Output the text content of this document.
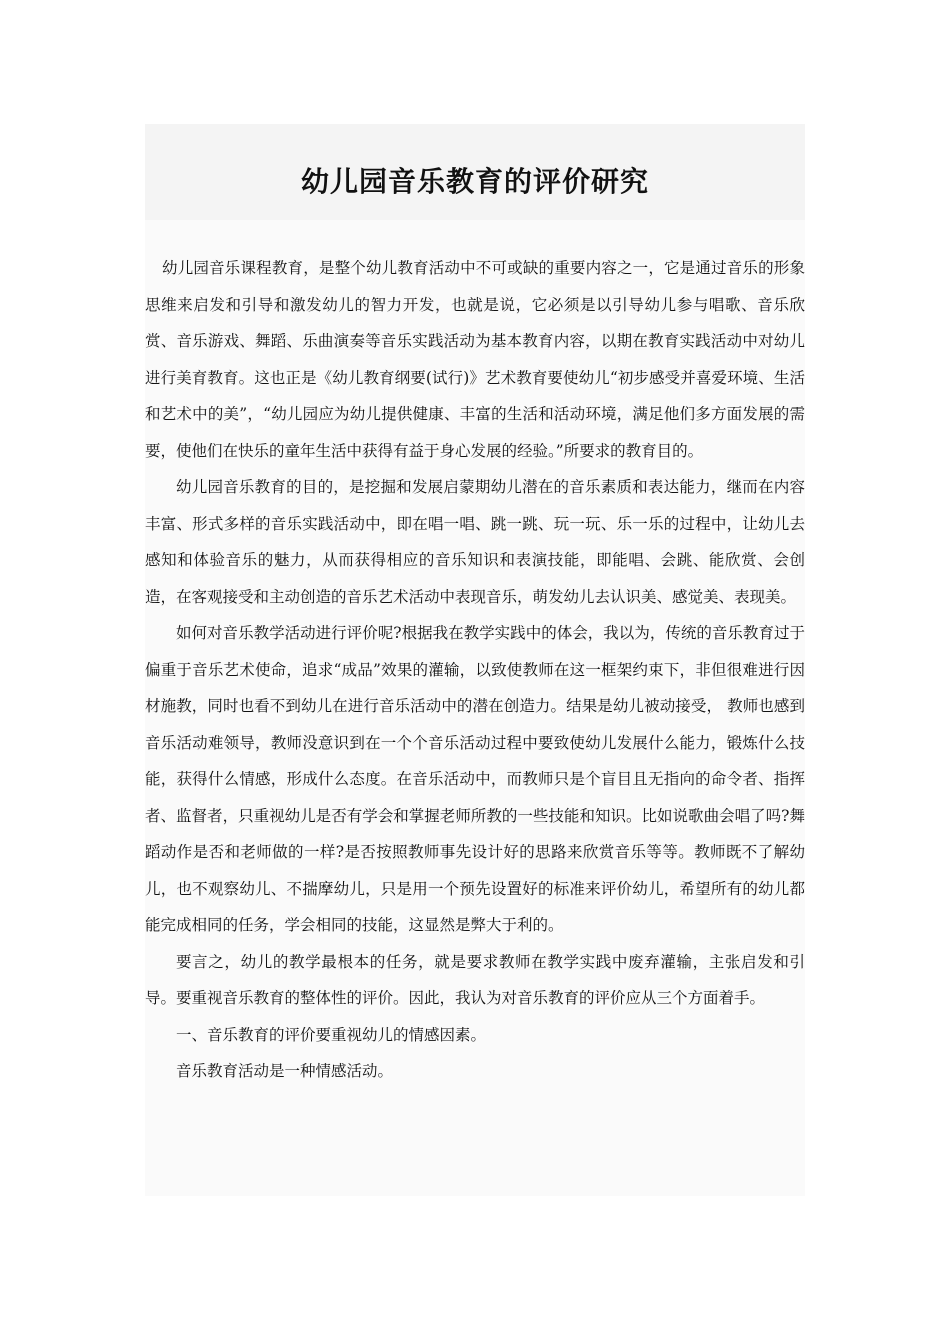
幼儿园音乐教育的评价研究

幼儿园音乐课程教育，是整个幼儿教育活动中不可或缺的重要内容之一，它是通过音乐的形象思维来启发和引导和激发幼儿的智力开发，也就是说，它必须是以引导幼儿参与唱歌、音乐欣赏、音乐游戏、舞蹈、乐曲演奏等音乐实践活动为基本教育内容，以期在教育实践活动中对幼儿进行美育教育。这也正是《幼儿教育纲要(试行)》艺术教育要使幼儿“初步感受并喜爱环境、生活和艺术中的美”，“幼儿园应为幼儿提供健康、丰富的生活和活动环境，满足他们多方面发展的需要，使他们在快乐的童年生活中获得有益于身心发展的经验。”所要求的教育目的。

幼儿园音乐教育的目的，是挖掘和发展启蒙期幼儿潜在的音乐素质和表达能力，继而在内容丰富、形式多样的音乐实践活动中，即在唱一唱、跳一跳、玩一玩、乐一乐的过程中，让幼儿去感知和体验音乐的魅力，从而获得相应的音乐知识和表演技能，即能唱、会跳、能欣赏、会创造，在客观接受和主动创造的音乐艺术活动中表现音乐，萌发幼儿去认识美、感觉美、表现美。

如何对音乐教学活动进行评价呢?根据我在教学实践中的体会，我以为，传统的音乐教育过于偏重于音乐艺术使命，追求“成品”效果的灌输，以致使教师在这一框架约束下，非但很难进行因材施教，同时也看不到幼儿在进行音乐活动中的潜在创造力。结果是幼儿被动接受， 教师也感到音乐活动难领导，教师没意识到在一个个音乐活动过程中要致使幼儿发展什么能力，锻炼什么技能，获得什么情感，形成什么态度。在音乐活动中，而教师只是个盲目且无指向的命令者、指挥者、监督者，只重视幼儿是否有学会和掌握老师所教的一些技能和知识。比如说歌曲会唱了吗?舞蹈动作是否和老师做的一样?是否按照教师事先设计好的思路来欣赏音乐等等。教师既不了解幼儿，也不观察幼儿、不揣摩幼儿，只是用一个预先设置好的标准来评价幼儿，希望所有的幼儿都能完成相同的任务，学会相同的技能，这显然是弊大于利的。

要言之，幼儿的教学最根本的任务，就是要求教师在教学实践中废弃灌输，主张启发和引导。要重视音乐教育的整体性的评价。因此，我认为对音乐教育的评价应从三个方面着手。

一、音乐教育的评价要重视幼儿的情感因素。

音乐教育活动是一种情感活动。
